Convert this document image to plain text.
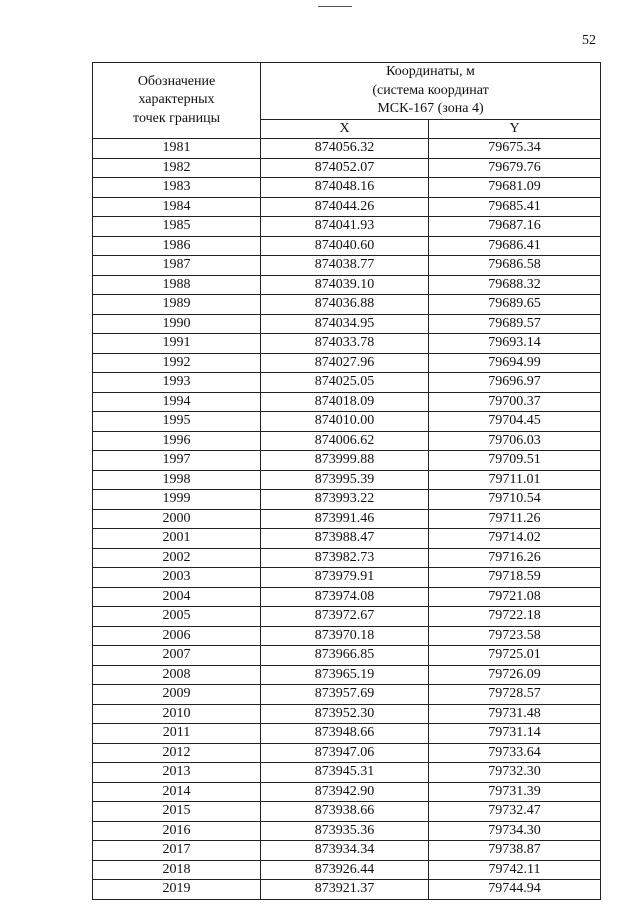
52
Обозначение
характерных
точек границы	Координаты, м
(система координат
МСК-167 (зона 4)	

	X	Y
1981	874056.32	79675.34
1982	874052.07	79679.76
1983	874048.16	79681.09
1984	874044.26	79685.41
1985	874041.93	79687.16
1986	874040.60	79686.41
1987	874038.77	79686.58
1988	874039.10	79688.32
1989	874036.88	79689.65
1990	874034.95	79689.57
1991	874033.78	79693.14
1992	874027.96	79694.99
1993	874025.05	79696.97
1994	874018.09	79700.37
1995	874010.00	79704.45
1996	874006.62	79706.03
1997	873999.88	79709.51
1998	873995.39	79711.01
1999	873993.22	79710.54
2000	873991.46	79711.26
2001	873988.47	79714.02
2002	873982.73	79716.26
2003	873979.91	79718.59
2004	873974.08	79721.08
2005	873972.67	79722.18
2006	873970.18	79723.58
2007	873966.85	79725.01
2008	873965.19	79726.09
2009	873957.69	79728.57
2010	873952.30	79731.48
2011	873948.66	79731.14
2012	873947.06	79733.64
2013	873945.31	79732.30
2014	873942.90	79731.39
2015	873938.66	79732.47
2016	873935.36	79734.30
2017	873934.34	79738.87
2018	873926.44	79742.11
2019	873921.37	79744.94
